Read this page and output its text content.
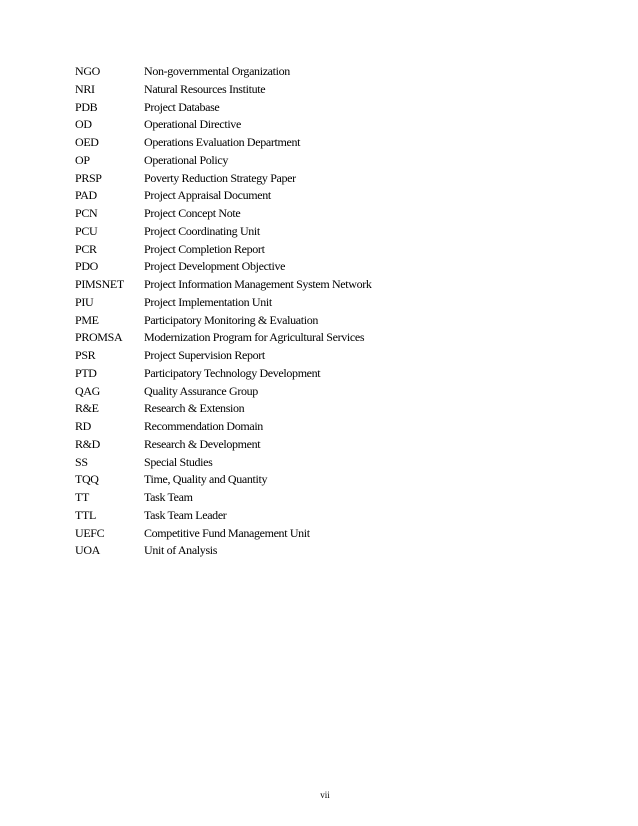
NGO	Non-governmental Organization
NRI	Natural Resources Institute
PDB	Project Database
OD	Operational Directive
OED	Operations Evaluation Department
OP	Operational Policy
PRSP	Poverty Reduction Strategy Paper
PAD	Project Appraisal Document
PCN	Project Concept Note
PCU	Project Coordinating Unit
PCR	Project Completion Report
PDO	Project Development Objective
PIMSNET	Project Information Management System Network
PIU	Project Implementation Unit
PME	Participatory Monitoring & Evaluation
PROMSA	Modernization Program for Agricultural Services
PSR	Project Supervision Report
PTD	Participatory Technology Development
QAG	Quality Assurance Group
R&E	Research & Extension
RD	Recommendation Domain
R&D	Research & Development
SS	Special Studies
TQQ	Time, Quality and Quantity
TT	Task Team
TTL	Task Team Leader
UEFC	Competitive Fund Management Unit
UOA	Unit of Analysis
vii
